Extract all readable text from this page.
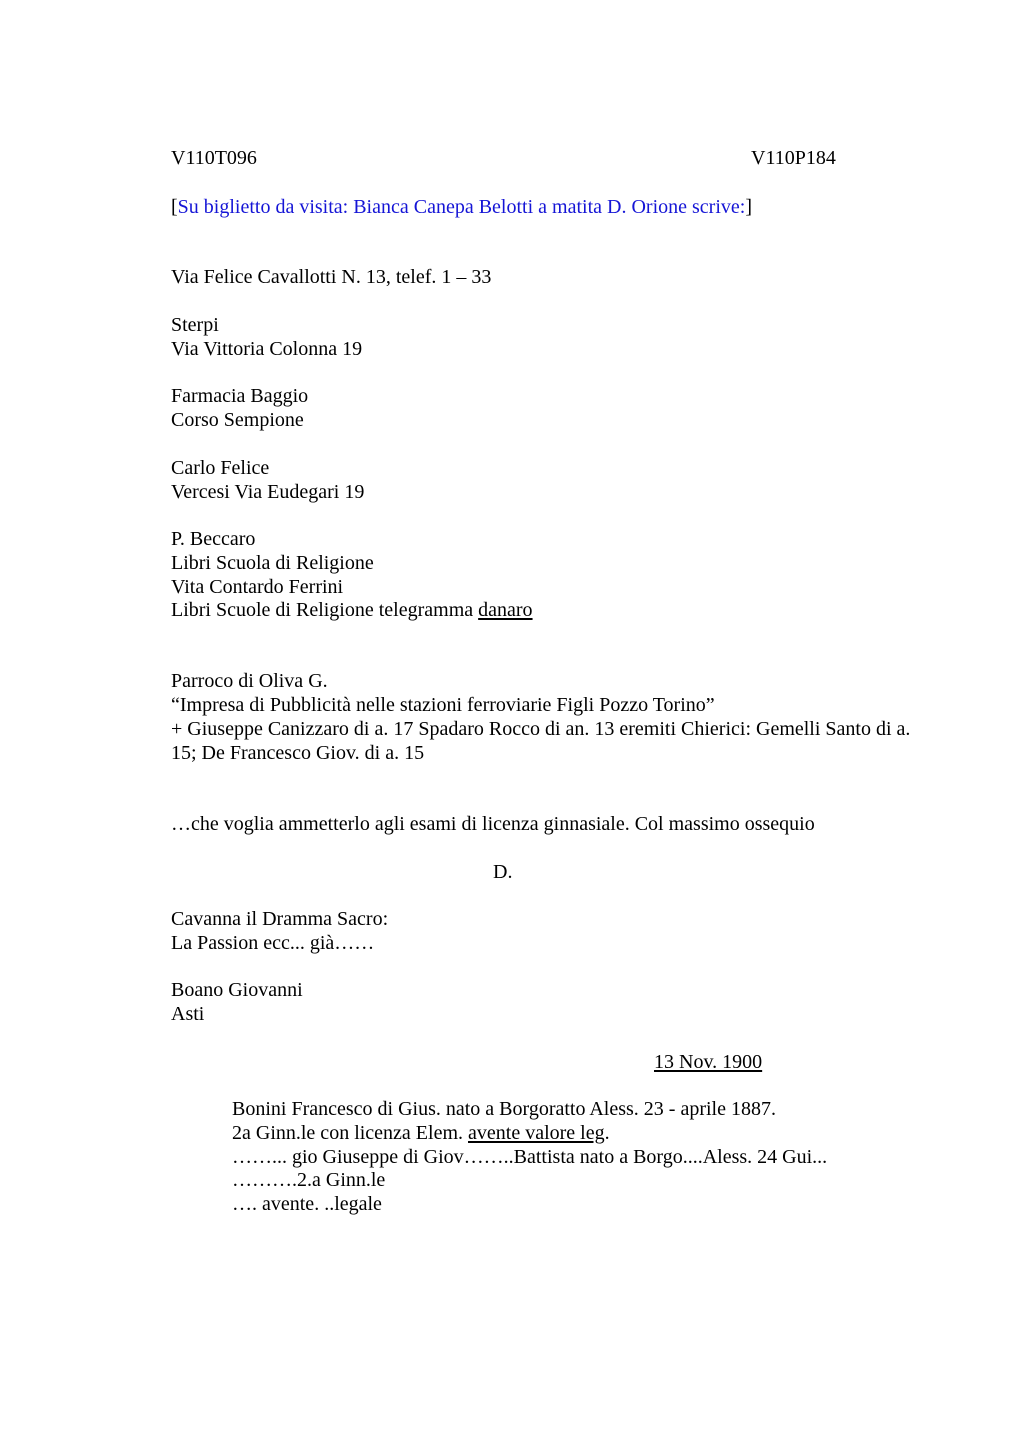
V110T096	V110P184
[Su biglietto da visita: Bianca Canepa Belotti a matita D. Orione scrive:]
Via Felice Cavallotti N. 13, telef. 1 – 33
Sterpi
Via Vittoria Colonna 19
Farmacia Baggio
Corso Sempione
Carlo Felice
Vercesi Via Eudegari 19
P. Beccaro
Libri Scuola di Religione
Vita Contardo Ferrini
Libri Scuole di Religione telegramma danaro
Parroco di Oliva G.
“Impresa di Pubblicità nelle stazioni ferroviarie Figli Pozzo Torino”
+ Giuseppe Canizzaro di a. 17 Spadaro Rocco di an. 13 eremiti Chierici: Gemelli Santo di a. 15; De Francesco Giov. di a. 15
…che voglia ammetterlo agli esami di licenza ginnasiale. Col massimo ossequio
D.
Cavanna il Dramma Sacro:
La Passion ecc... già……
Boano Giovanni
Asti
13 Nov. 1900
Bonini Francesco di Gius. nato a Borgoratto Aless. 23 - aprile 1887.
2a Ginn.le con licenza Elem. avente valore leg.
……... gio Giuseppe di Giov……..Battista nato a Borgo....Aless. 24 Gui...
……….2.a Ginn.le
…. avente. ..legale
